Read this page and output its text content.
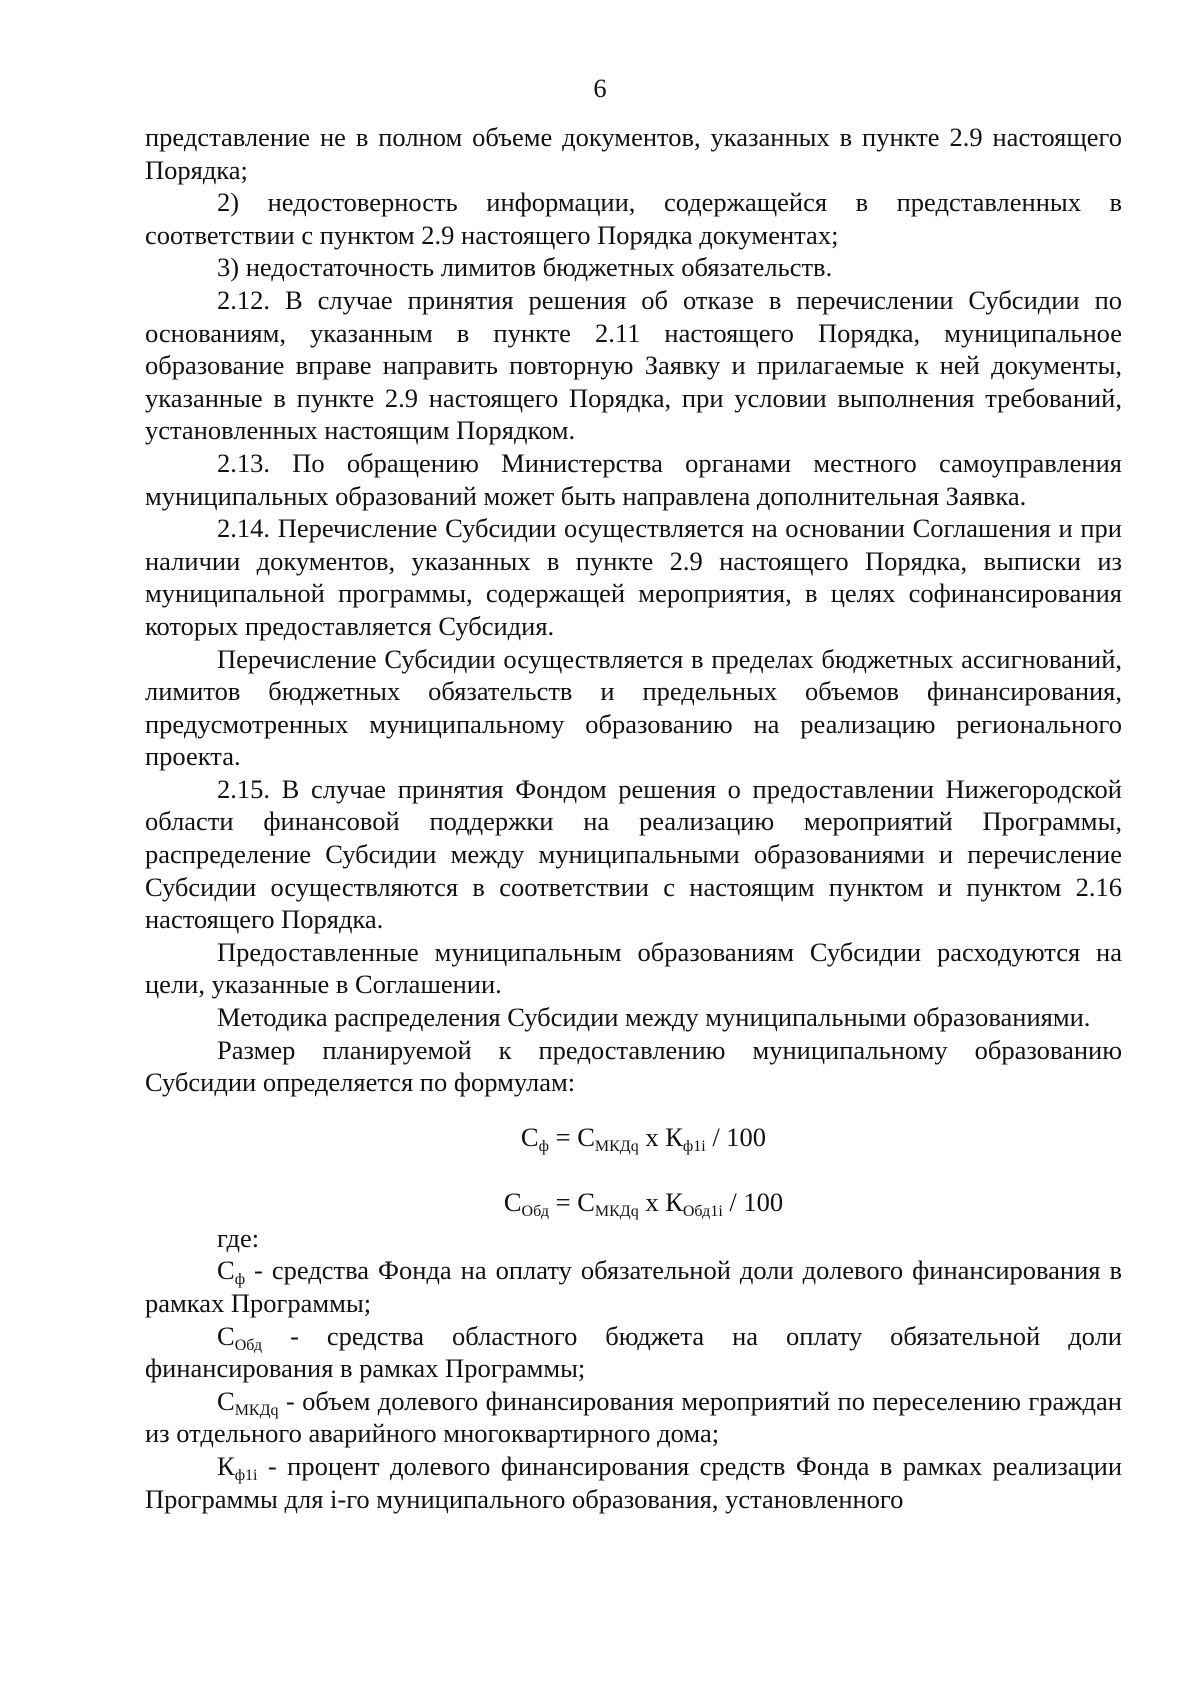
6

представление не в полном объеме документов, указанных в пункте 2.9 настоящего Порядка;

2) недостоверность информации, содержащейся в представленных в соответствии с пунктом 2.9 настоящего Порядка документах;

3) недостаточность лимитов бюджетных обязательств.

2.12. В случае принятия решения об отказе в перечислении Субсидии по основаниям, указанным в пункте 2.11 настоящего Порядка, муниципальное образование вправе направить повторную Заявку и прилагаемые к ней документы, указанные в пункте 2.9 настоящего Порядка, при условии выполнения требований, установленных настоящим Порядком.

2.13. По обращению Министерства органами местного самоуправления муниципальных образований может быть направлена дополнительная Заявка.

2.14. Перечисление Субсидии осуществляется на основании Соглашения и при наличии документов, указанных в пункте 2.9 настоящего Порядка, выписки из муниципальной программы, содержащей мероприятия, в целях софинансирования которых предоставляется Субсидия.

Перечисление Субсидии осуществляется в пределах бюджетных ассигнований, лимитов бюджетных обязательств и предельных объемов финансирования, предусмотренных муниципальному образованию на реализацию регионального проекта.

2.15. В случае принятия Фондом решения о предоставлении Нижегородской области финансовой поддержки на реализацию мероприятий Программы, распределение Субсидии между муниципальными образованиями и перечисление Субсидии осуществляются в соответствии с настоящим пунктом и пунктом 2.16 настоящего Порядка.

Предоставленные муниципальным образованиям Субсидии расходуются на цели, указанные в Соглашении.

Методика распределения Субсидии между муниципальными образованиями.

Размер планируемой к предоставлению муниципальному образованию Субсидии определяется по формулам:

$С_ф = С_{МКДq}$ x $К_{ф1i} / 100$

$С_{Обд} = С_{МКДq}$ x $К_{Обд1i} / 100$

где:

$С_ф$ - средства Фонда на оплату обязательной доли долевого финансирования в рамках Программы;

$С_{Обд}$ - средства областного бюджета на оплату обязательной доли финансирования в рамках Программы;

$С_{МКДq}$ - объем долевого финансирования мероприятий по переселению граждан из отдельного аварийного многоквартирного дома;

$К_{ф1i}$ - процент долевого финансирования средств Фонда в рамках реализации Программы для i-го муниципального образования, установленного
